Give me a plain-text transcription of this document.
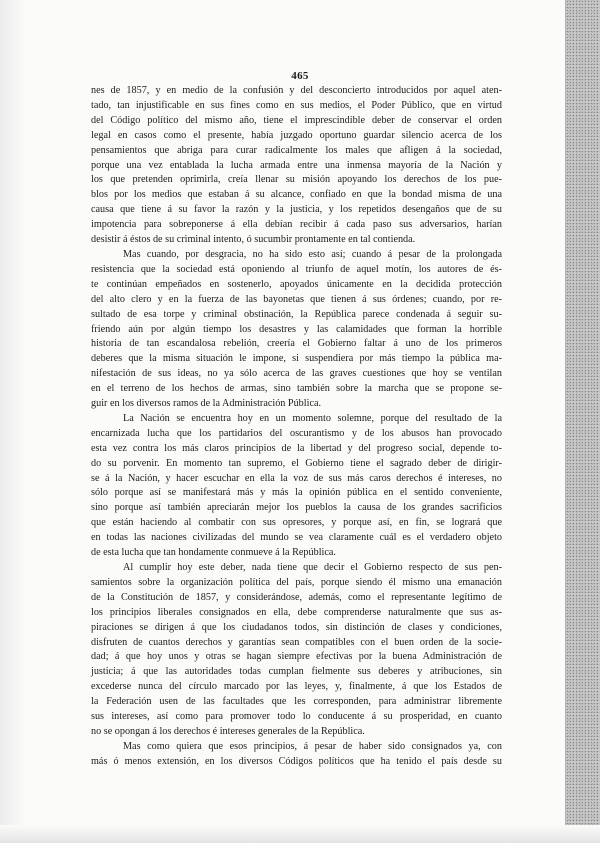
465
nes de 1857, y en medio de la confusión y del desconcierto introducidos por aquel aten-
tado, tan injustificable en sus fines como en sus medios, el Poder Público, que en virtud
del Código político del mismo año, tiene el imprescindible deber de conservar el orden
legal en casos como el presente, había juzgado oportuno guardar silencio acerca de los
pensamientos que abriga para curar radicalmente los males que afligen á la sociedad,
porque una vez entablada la lucha armada entre una inmensa mayoría de la Nación y
los que pretenden oprimirla, creía llenar su misión apoyando los derechos de los pue-
blos por los medios que estaban á su alcance, confiado en que la bondad misma de una
causa que tiene á su favor la razón y la justicia, y los repetidos desengaños que de su
impotencia para sobreponerse á ella debían recibir á cada paso sus adversarios, harían
desistir á éstos de su criminal intento, ó sucumbir prontamente en tal contienda.
Mas cuando, por desgracia, no ha sido esto así; cuando á pesar de la prolongada
resistencia que la sociedad está oponiendo al triunfo de aquel motín, los autores de és-
te continúan empeñados en sostenerlo, apoyados únicamente en la decidida protección
del alto clero y en la fuerza de las bayonetas que tienen á sus órdenes; cuando, por re-
sultado de esa torpe y criminal obstinación, la República parece condenada á seguir su-
friendo aún por algún tiempo los desastres y las calamidades que forman la horrible
historia de tan escandalosa rebelión, creería el Gobierno faltar á uno de los primeros
deberes que la misma situación le impone, si suspendiera por más tiempo la pública ma-
nifestación de sus ideas, no ya sólo acerca de las graves cuestiones que hoy se ventilan
en el terreno de los hechos de armas, sino también sobre la marcha que se propone se-
guir en los diversos ramos de la Administración Pública.
La Nación se encuentra hoy en un momento solemne, porque del resultado de la
encarnizada lucha que los partidarios del oscurantismo y de los abusos han provocado
esta vez contra los más claros principios de la libertad y del progreso social, depende to-
do su porvenir. En momento tan supremo, el Gobierno tiene el sagrado deber de dirigir-
se á la Nación, y hacer escuchar en ella la voz de sus más caros derechos é intereses, no
sólo porque así se manifestará más y más la opinión pública en el sentido conveniente,
sino porque así también apreciarán mejor los pueblos la causa de los grandes sacrificios
que están haciendo al combatir con sus opresores, y porque así, en fin, se logrará que
en todas las naciones civilizadas del mundo se vea claramente cuál es el verdadero objeto
de esta lucha que tan hondamente conmueve á la República.
Al cumplir hoy este deber, nada tiene que decir el Gobierno respecto de sus pen-
samientos sobre la organización política del país, porque siendo él mismo una emanación
de la Constitución de 1857, y considerándose, además, como el representante legítimo de
los principios liberales consignados en ella, debe comprenderse naturalmente que sus as-
piraciones se dirigen á que los ciudadanos todos, sin distinción de clases y condiciones,
disfruten de cuantos derechos y garantías sean compatibles con el buen orden de la socie-
dad; á que hoy unos y otras se hagan siempre efectivas por la buena Administración de
justicia; á que las autoridades todas cumplan fielmente sus deberes y atribuciones, sin
excederse nunca del círculo marcado por las leyes, y, finalmente, á que los Estados de
la Federación usen de las facultades que les corresponden, para administrar libremente
sus intereses, así como para promover todo lo conducente á su prosperidad, en cuanto
no se opongan á los derechos é intereses generales de la República.
Mas como quiera que esos principios, á pesar de haber sido consignados ya, con
más ó menos extensión, en los diversos Códigos políticos que ha tenido el país desde su
